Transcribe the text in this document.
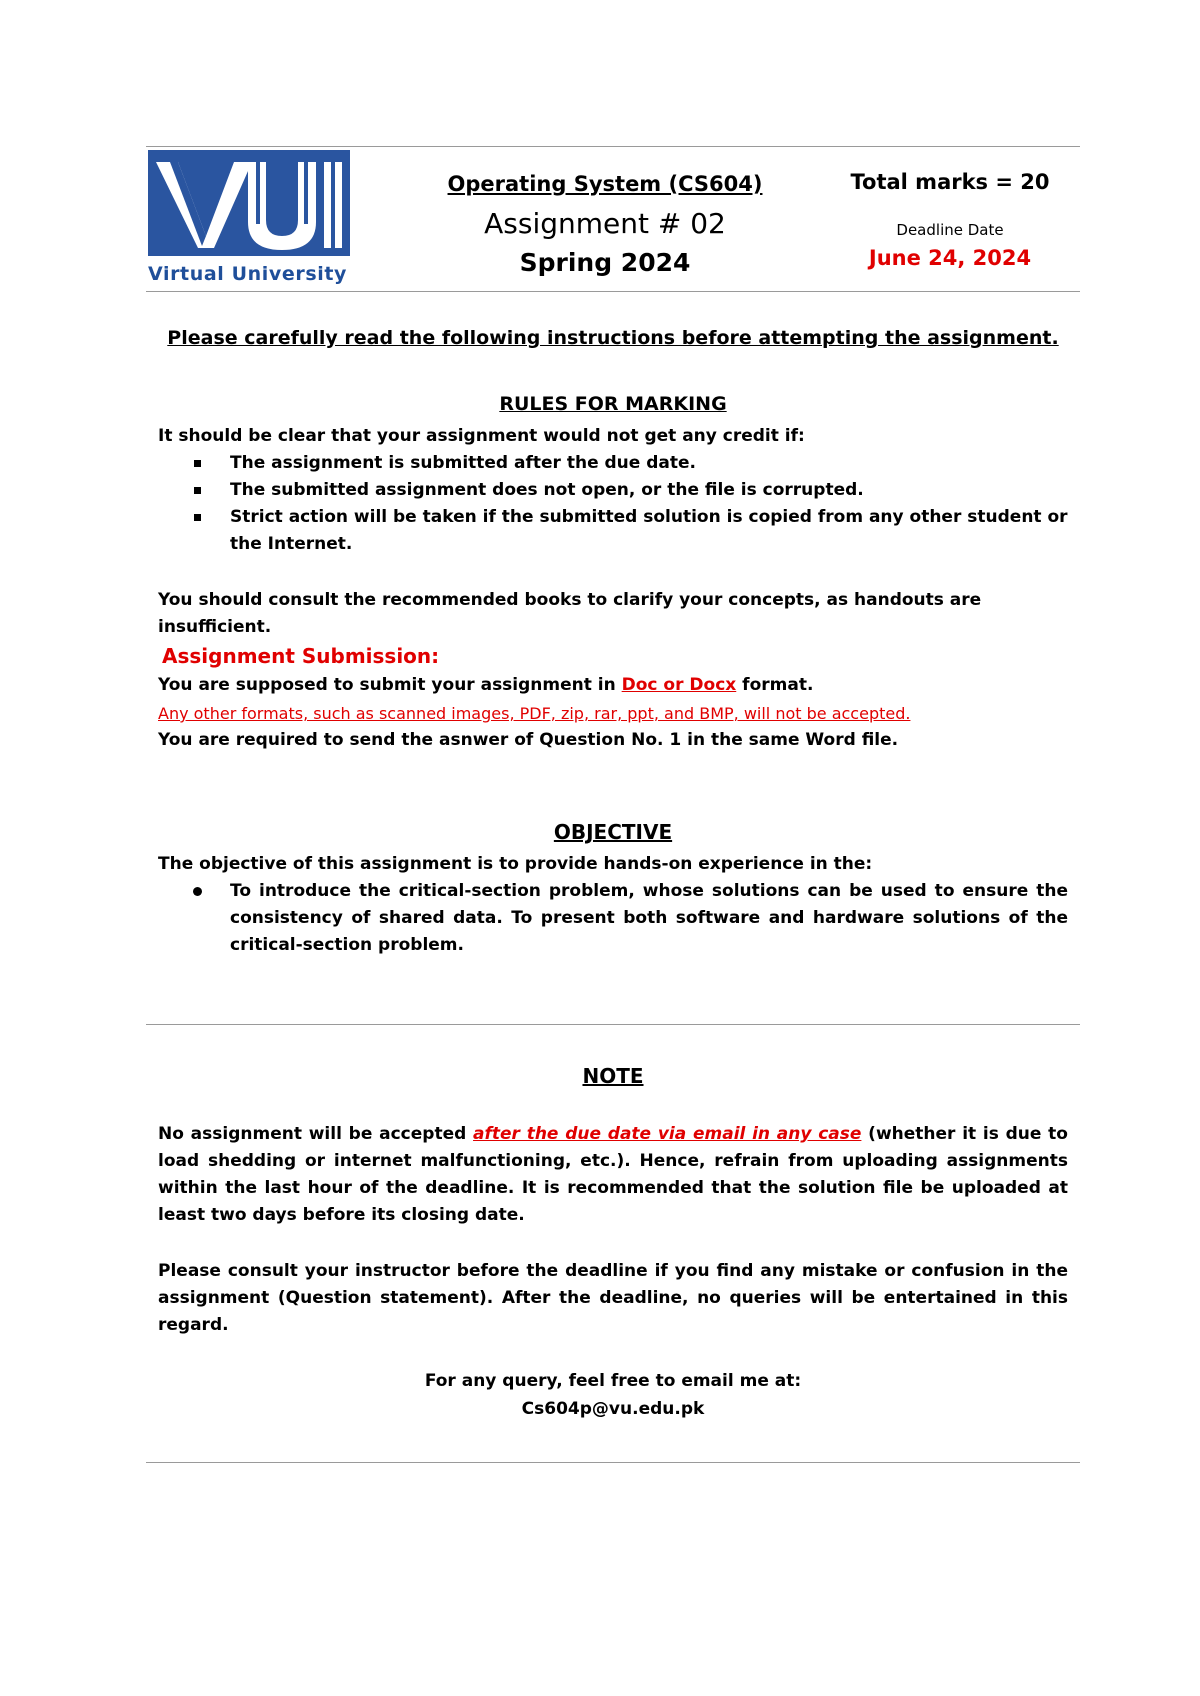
Virtual University
Operating System (CS604)
Assignment # 02
Spring 2024
Total marks = 20
Deadline Date
June 24, 2024
Please carefully read the following instructions before attempting the assignment.
RULES FOR MARKING
It should be clear that your assignment would not get any credit if:
The assignment is submitted after the due date.
The submitted assignment does not open, or the file is corrupted.
Strict action will be taken if the submitted solution is copied from any other student or the Internet.
You should consult the recommended books to clarify your concepts, as handouts are insufficient.
Assignment Submission:
You are supposed to submit your assignment in Doc or Docx format.
Any other formats, such as scanned images, PDF, zip, rar, ppt, and BMP, will not be accepted.
You are required to send the asnwer of Question No. 1 in the same Word file.
OBJECTIVE
The objective of this assignment is to provide hands-on experience in the:
To introduce the critical-section problem, whose solutions can be used to ensure the consistency of shared data. To present both software and hardware solutions of the critical-section problem.
NOTE
No assignment will be accepted after the due date via email in any case (whether it is due to load shedding or internet malfunctioning, etc.). Hence, refrain from uploading assignments within the last hour of the deadline. It is recommended that the solution file be uploaded at least two days before its closing date.
Please consult your instructor before the deadline if you find any mistake or confusion in the assignment (Question statement). After the deadline, no queries will be entertained in this regard.
For any query, feel free to email me at:
Cs604p@vu.edu.pk
